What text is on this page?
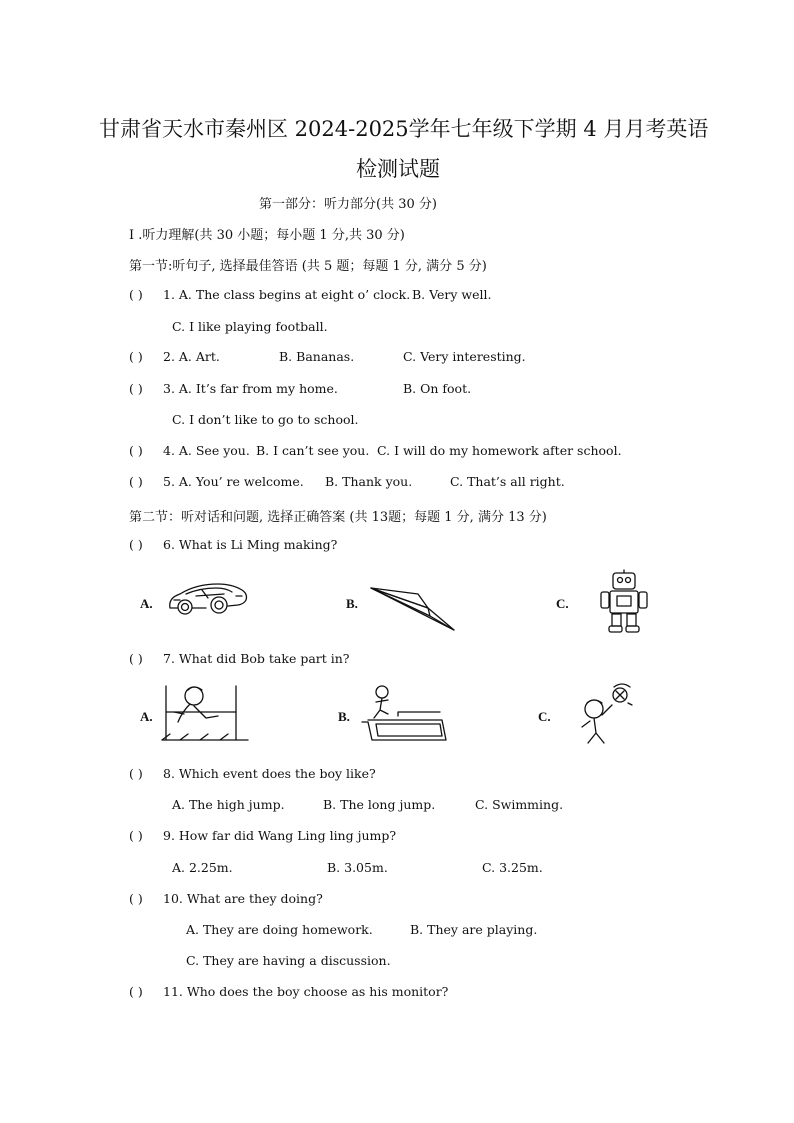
甘肃省天水市秦州区 2024-2025学年七年级下学期 4 月月考英语
检测试题
第一部分：听力部分(共 30 分)
I .听力理解(共 30 小题；每小题 1 分,共 30 分)
第一节:听句子, 选择最佳答语 (共 5 题；每题 1 分, 满分 5 分)
( ) 1. A. The class begins at eight o’ clock. B. Very well.
C. I like playing football.
( ) 2. A. Art.	B. Bananas.	C. Very interesting.
( ) 3. A. It’s far from my home.	B. On foot.
C. I don’t like to go to school.
( ) 4. A. See you. B. I can’t see you. C. I will do my homework after school.
( ) 5. A. You’ re welcome. B. Thank you.	C. That’s all right.
第二节：听对话和问题, 选择正确答案 (共 13题；每题 1 分, 满分 13 分)
( ) 6. What is Li Ming making?
A.	B.	C.
( ) 7. What did Bob take part in?
A.	B.	C.
( ) 8. Which event does the boy like?
A. The high jump.	B. The long jump.	C. Swimming.
( ) 9. How far did Wang Ling ling jump?
A. 2.25m.	B. 3.05m.	C. 3.25m.
( ) 10. What are they doing?
A. They are doing homework.	B. They are playing.
C. They are having a discussion.
( ) 11. Who does the boy choose as his monitor?
